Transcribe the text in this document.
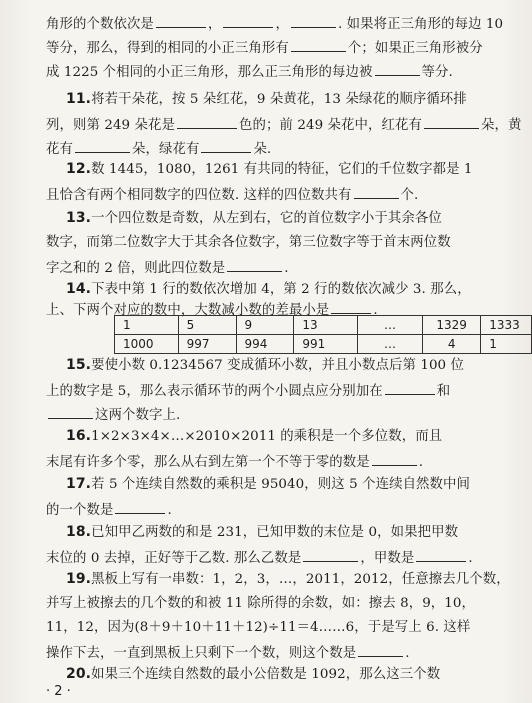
角形的个数依次是	，	，	. 如果将正三角形的每边 10
等分，那么，得到的相同的小正三角形有	个；如果正三角形被分
成 1225 个相同的小正三角形，那么正三角形的每边被	等分.
11.将若干朵花，按 5 朵红花，9 朵黄花，13 朵绿花的顺序循环排
列，则第 249 朵花是	色的；前 249 朵花中，红花有	朵，黄
花有	朵，绿花有	朵.
12.数 1445，1080，1261 有共同的特征，它们的千位数字都是 1
且恰含有两个相同数字的四位数. 这样的四位数共有	个.
13.一个四位数是奇数，从左到右，它的首位数字小于其余各位
数字，而第二位数字大于其余各位数字，第三位数字等于首末两位数
字之和的 2 倍，则此四位数是	.
14.下表中第 1 行的数依次增加 4，第 2 行的数依次减少 3. 那么，
上、下两个对应的数中，大数减小数的差最小是	.
1	5	9	13	…	1329	1333
1000	997	994	991	…	4	1
15.要使小数 0.1234567 变成循环小数，并且小数点后第 100 位
上的数字是 5，那么表示循环节的两个小圆点应分别加在	和
这两个数字上.
16.1×2×3×4×…×2010×2011 的乘积是一个多位数，而且
末尾有许多个零，那么从右到左第一个不等于零的数是	.
17.若 5 个连续自然数的乘积是 95040，则这 5 个连续自然数中间
的一个数是	.
18.已知甲乙两数的和是 231，已知甲数的末位是 0，如果把甲数
末位的 0 去掉，正好等于乙数. 那么乙数是	，甲数是	.
19.黑板上写有一串数：1，2，3，…，2011，2012，任意擦去几个数，
并写上被擦去的几个数的和被 11 除所得的余数，如：擦去 8，9，10，
11，12，因为(8＋9＋10＋11＋12)÷11＝4……6，于是写上 6. 这样
操作下去，一直到黑板上只剩下一个数，则这个数是	.
20.如果三个连续自然数的最小公倍数是 1092，那么这三个数
· 2 ·
